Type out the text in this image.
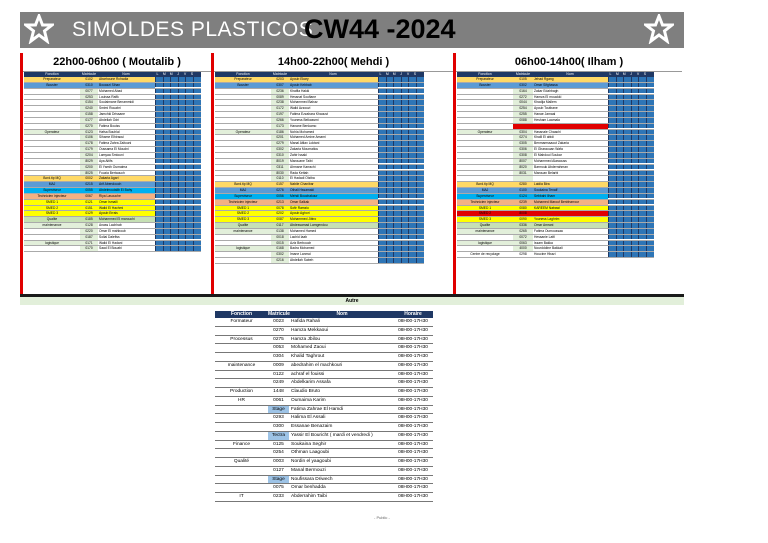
SIMOLDES PLASTICOS
CW44 -2024
22h00-06h00 ( Moutalib )	14h00-22h00( Mehdi )	06h00-14h00( Ilham )
Fonction	Matricule	Nom	L	M	M	J	V	S
Preparateur	0102	Abarhoune Rchadia
Bouster	0310	Bouazzi Sihan
0077	Mohamed Abad
0253	Louissa Rafik
0154	Soulaimane Benammidi
0240	Smimi Rouabri
0158	Jamchki Drissane
0177	Abdellah Odri
0270	Fatima Bouiss
Operateur	0123	Hafsa Bouhlal
0106	Sihame Elhiraoui
0178	Fatima Zahra Zaitouni
0179	Oussama El Moudni
0204	Lamyaa Smiouni
8029	Aya Aitifs
0200	El Yamih Oumaima
8025	Fouzia Bertaouch
Bord.tip MQ	0002	Zakaria Agari
MAJ	0215	Arif Abendouch
Superviseur	0055	Abdelmoutalib El Bahy
Technicien injecteur	0067	Riya Lasouche
SMED 1	0121	Omar Ismaili
SMED 2	0151	Walid El Hachmi
SMED 3	0129	Ayoub Errais
Qualite	0185	Mohammed El marouchi
maintenance	0128	Anass Lachhab
0220	Omar El mahboub
0187	Soliai Dalefiss
logistique	0171	Walid El Hadani
0170	Saad El Bouabi
Fonction	Matricule	Nom	L	M	M	J	V	S
Preparateur	0203	Ayoub Ekary
Bouster	0307	Ayoub Kebbab
0236	Khalfia Hakki
0089	Hessnat Soufiane
0238	Mohammed Bahaz
0172	Walid Azzouzi
0197	Fatima Ezzahara Khaoust
0266	Youness Belkassmi
0173	Hanane Benkamo
Operateur	0186	Nohia Mohamed
0201	Mohamed Amine Amarni
0279	Manal Aitlax Loktani
0302	Zakaria Moumatiou
0310	Zahir Issaki
8019	Marouane Taibi
0311	Ahmane Karrachi
8030	Rada Kettah
0110	El Hadadi Otziba
Bord.tip MQ	0157	Nabile Chanibar
MAJ	0276	Othali Hssamaki
Superviseur	0056	Mehdi Bouchakour
Technicien injecteur	0213	Omar Salkak
SMED 1	0078	Sofir Ramzio
SMED 2	0202	Ayoub Aghori
SMED 3	0087	Mohammed Jibiro
Qualite	0117	Abdessamad Lamgendou
maintenance	0138	Mohamed Hamed
0018	Lachid Iaab
0015	Aziz Berbouch
logistique	0168	Badra Mohamed
0302	Imane Lanmoi
0216	Abdellah Sabeh
Fonction	Matricule	Nom	L	M	M	J	V	S
Preparateur	0105	Jehad Rgang
Bouster	0302	Omar Sifghassa
0164	Zakar Edahbagh
0272	Hamza El mouckki
0044	Khadija Mallem
0254	Ayoub Toutbane
0255	Hanae Jamaal
0088	Hesham Laamala
Operateur	0304	Hassnaie Chaachi
0274	Khalil El abidi
0305	Benmamssaout Zakaria
0306	El Gharaouan Wafa
0308	El Mahdoui Soukar
8007	Mohammed Alaraouss
8020	Barmouk Abderrahman
8031	Marouan Belarbi
Bord.tip MQ	0280	Laidia Bira
MAJ	0100	Soukaina Tenalf
Superviseur	0124	Sebbahi Ilham
Technicien injecteur	0239	Mohamed Marouf Benbharrour
SMED 1	0080	KAREEM Nabawi
SMED 2	8008
SMED 3	0090	Youness Laghrim
Qualite	0336	Omar Amrani
maintenance	0265	Fatima Oumoussaa
0072	Hessanie Latfi
logistique	0063	Issam Bakka
4000	Nourdddine Bakkali
Centre de recyclage	0298	Houcine Hbazi
Autre
Fonction	Matricule	Nom	Horaire
Formateur	0023	Hafida Rahali	08H00-17H30
0270	Hamza Mekkaoui	08H00-17H30
Processus	0275	Hamza Jbilou	08H00-17H30
0053	Mohamed Zaoui	08H00-17H30
0304	Khalid Taghrout	08H00-17H30
maintenance	0009	abedrahim el machkouri	08H00-17H30
0122	achraf el fouissi	08H00-17H30
0249	Abdelkarim Assafa	08H00-17H30
Production	1448	Claudio Bruto	08H00-17H30
HR	0061	Oumaima Karim	08H00-17H30
Stage	Fatima Zahrae El Hamdi	08H00-17H30
0293	Halima El Assali	08H00-17H30
0300	Essanae Benazaim	08H00-17H30
Tectra	Yassir El Bouricht ( mardi et vendredi )	08H00-17H30
Finance	0125	Soukaina Seghir	08H00-17H30
0254	Othman Laagoubi	08H00-17H30
Qualité	0003	Nordin el yaagoubi	08H00-17H30
0127	Manal Bermouzi	08H00-17H30
Stage	Noufissara Driwech	08H00-17H30
0075	Omar benhadda	08H00-17H30
IT	0233	Abderrahim Taibi	08H00-17H30
- Public -
